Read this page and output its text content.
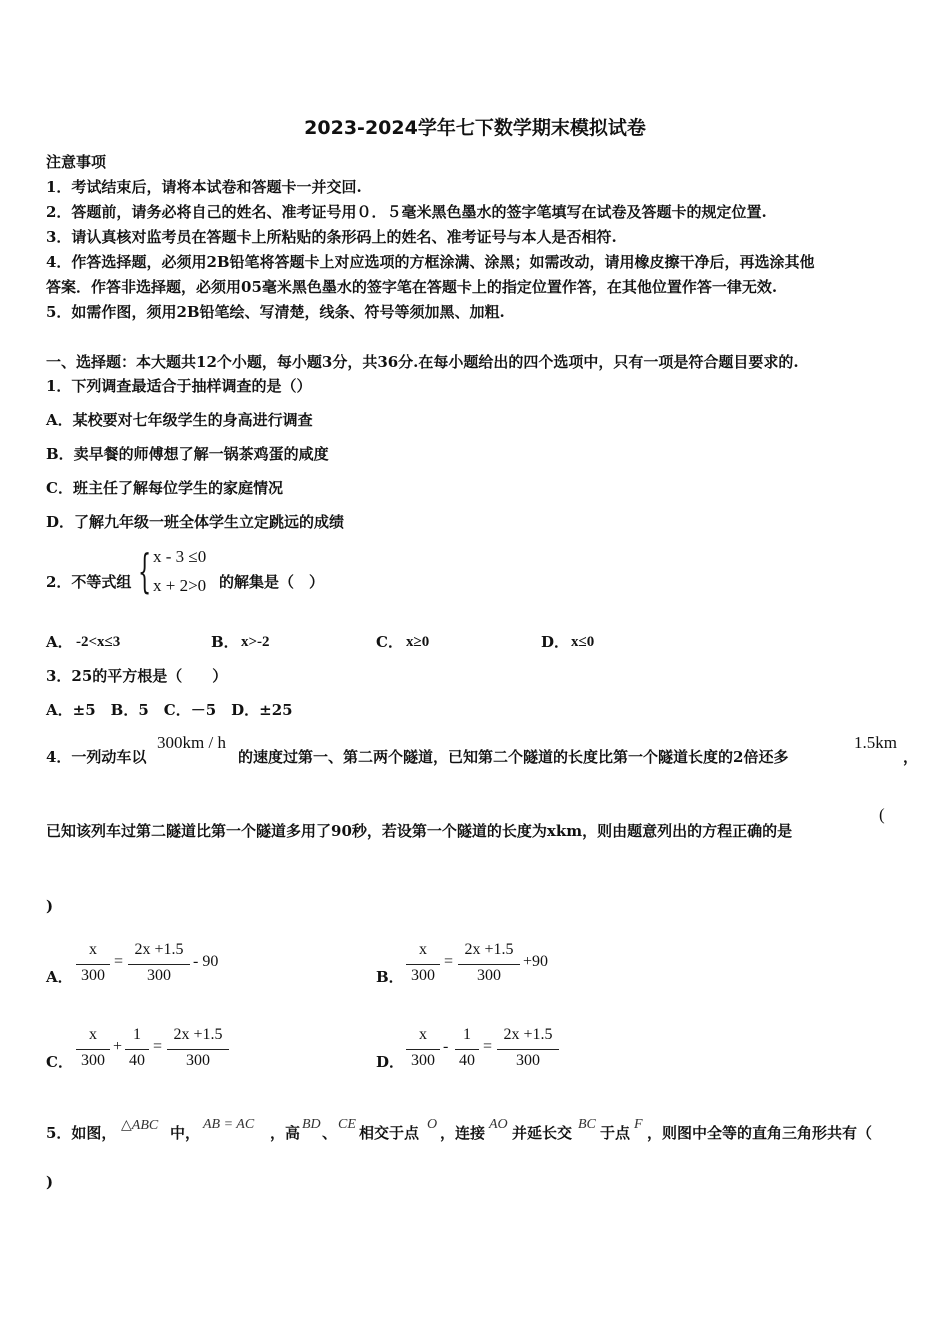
2023-2024学年七下数学期末模拟试卷
注意事项
1．考试结束后，请将本试卷和答题卡一并交回.
2．答题前，请务必将自己的姓名、准考证号用０．５毫米黑色墨水的签字笔填写在试卷及答题卡的规定位置.
3．请认真核对监考员在答题卡上所粘贴的条形码上的姓名、准考证号与本人是否相符.
4．作答选择题，必须用2B铅笔将答题卡上对应选项的方框涂满、涂黑；如需改动，请用橡皮擦干净后，再选涂其他
答案．作答非选择题，必须用05毫米黑色墨水的签字笔在答题卡上的指定位置作答，在其他位置作答一律无效.
5．如需作图，须用2B铅笔绘、写清楚，线条、符号等须加黑、加粗.
一、选择题：本大题共12个小题，每小题3分，共36分.在每小题给出的四个选项中，只有一项是符合题目要求的.
1．下列调查最适合于抽样调查的是（）
A．某校要对七年级学生的身高进行调查
B．卖早餐的师傅想了解一锅茶鸡蛋的咸度
C．班主任了解每位学生的家庭情况
D．了解九年级一班全体学生立定跳远的成绩
2．不等式组 { x - 3 ≤0
x + 2>0 的解集是（　）
A． -2<x≤3	B． x>-2	C． x≥0	D． x≤0
3．25的平方根是（　　）
A．±5　B．5　C．－5　D．±25
4．一列动车以
300km / h
的速度过第一、第二两个隧道，已知第二个隧道的长度比第一个隧道长度的2倍还多
1.5km
，
已知该列车过第二隧道比第一个隧道多用了90秒，若设第一个隧道的长度为xkm，则由题意列出的方程正确的是
(
)
A．
x
300
=
2x +1.5
300
- 90
B．
x
300
=
2x +1.5
300
+90
C．
x
300
+
1
40
=
2x +1.5
300	D．
x
300
-
1
40
=
2x +1.5
300
5．如图， △ABC 中， AB = AC ，高 BD 、 CE 相交于点 O ，连接 AO 并延长交 BC 于点 F ，则图中全等的直角三角形共有（
)
